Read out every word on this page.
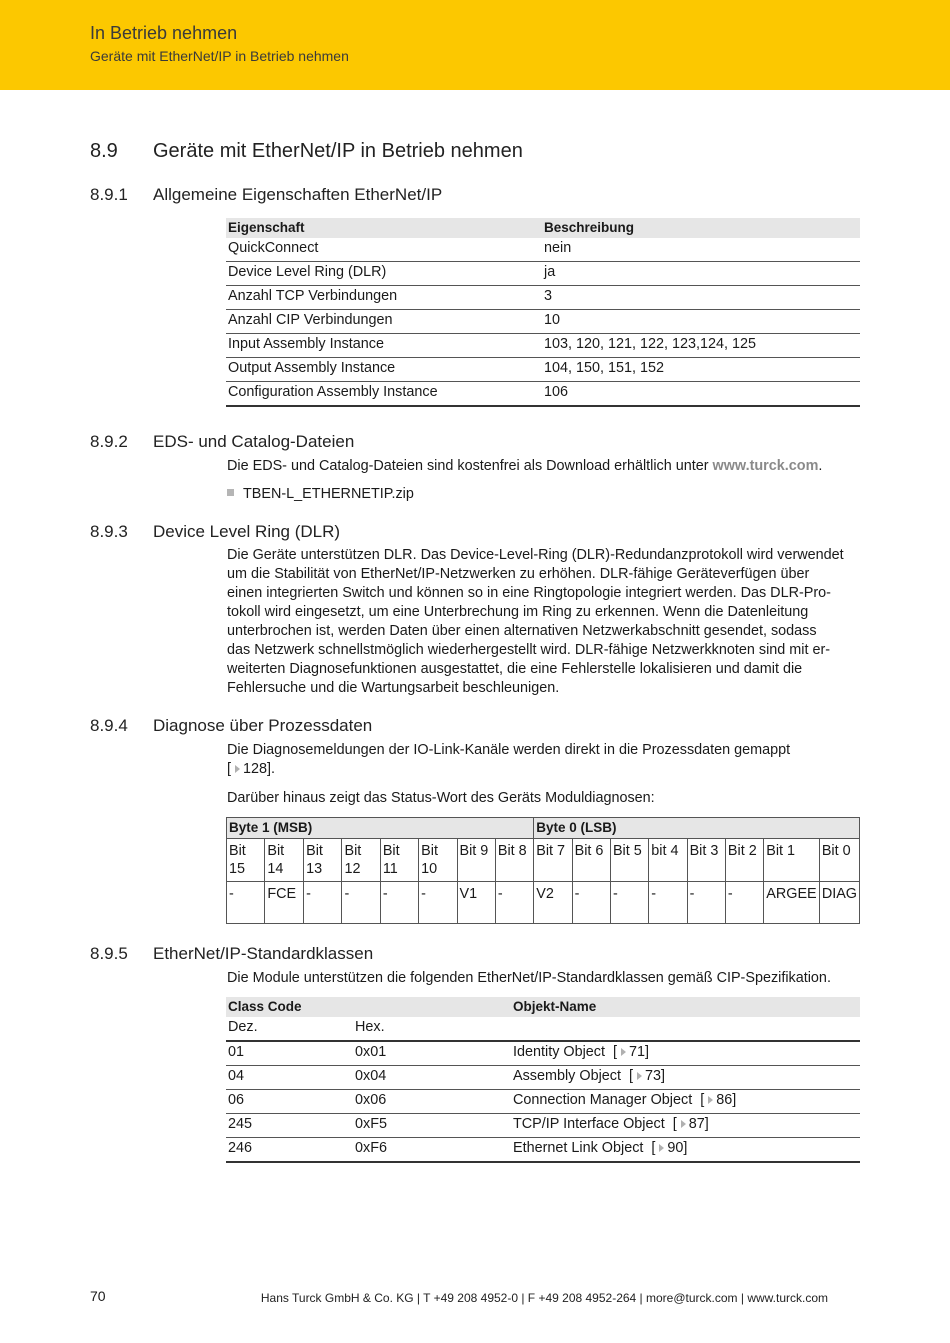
In Betrieb nehmen
Geräte mit EtherNet/IP in Betrieb nehmen
8.9 Geräte mit EtherNet/IP in Betrieb nehmen
8.9.1 Allgemeine Eigenschaften EtherNet/IP
Eigenschaft	Beschreibung
QuickConnect	nein
Device Level Ring (DLR)	ja
Anzahl TCP Verbindungen	3
Anzahl CIP Verbindungen	10
Input Assembly Instance	103, 120, 121, 122, 123,124, 125
Output Assembly Instance	104, 150, 151, 152
Configuration Assembly Instance	106
8.9.2 EDS- und Catalog-Dateien
Die EDS- und Catalog-Dateien sind kostenfrei als Download erhältlich unter www.turck.com.
TBEN-L_ETHERNETIP.zip
8.9.3 Device Level Ring (DLR)
Die Geräte unterstützen DLR. Das Device-Level-Ring (DLR)-Redundanzprotokoll wird verwendet
um die Stabilität von EtherNet/IP-Netzwerken zu erhöhen. DLR-fähige Geräteverfügen über
einen integrierten Switch und können so in eine Ringtopologie integriert werden. Das DLR-Pro-
tokoll wird eingesetzt, um eine Unterbrechung im Ring zu erkennen. Wenn die Datenleitung
unterbrochen ist, werden Daten über einen alternativen Netzwerkabschnitt gesendet, sodass
das Netzwerk schnellstmöglich wiederhergestellt wird. DLR-fähige Netzwerkknoten sind mit er-
weiterten Diagnosefunktionen ausgestattet, die eine Fehlerstelle lokalisieren und damit die
Fehlersuche und die Wartungsarbeit beschleunigen.
8.9.4 Diagnose über Prozessdaten
Die Diagnosemeldungen der IO-Link-Kanäle werden direkt in die Prozessdaten gemappt
[ 128].
Darüber hinaus zeigt das Status-Wort des Geräts Moduldiagnosen:
Byte 1 (MSB)								Byte 0 (LSB)							
Bit 15	Bit 14	Bit 13	Bit 12	Bit 11	Bit 10	Bit 9	Bit 8	Bit 7	Bit 6	Bit 5	bit 4	Bit 3	Bit 2	Bit 1	Bit 0
-	FCE	-	-	-	-	V1	-	V2	-	-	-	-	-	ARGEE	DIAG
8.9.5 EtherNet/IP-Standardklassen
Die Module unterstützen die folgenden EtherNet/IP-Standardklassen gemäß CIP-Spezifikation.
Class Code		Objekt-Name
Dez.	Hex.	
01	0x01	Identity Object [ 71]
04	0x04	Assembly Object [ 73]
06	0x06	Connection Manager Object [ 86]
245	0xF5	TCP/IP Interface Object [ 87]
246	0xF6	Ethernet Link Object [ 90]
70	Hans Turck GmbH & Co. KG | T +49 208 4952-0 | F +49 208 4952-264 | more@turck.com | www.turck.com
